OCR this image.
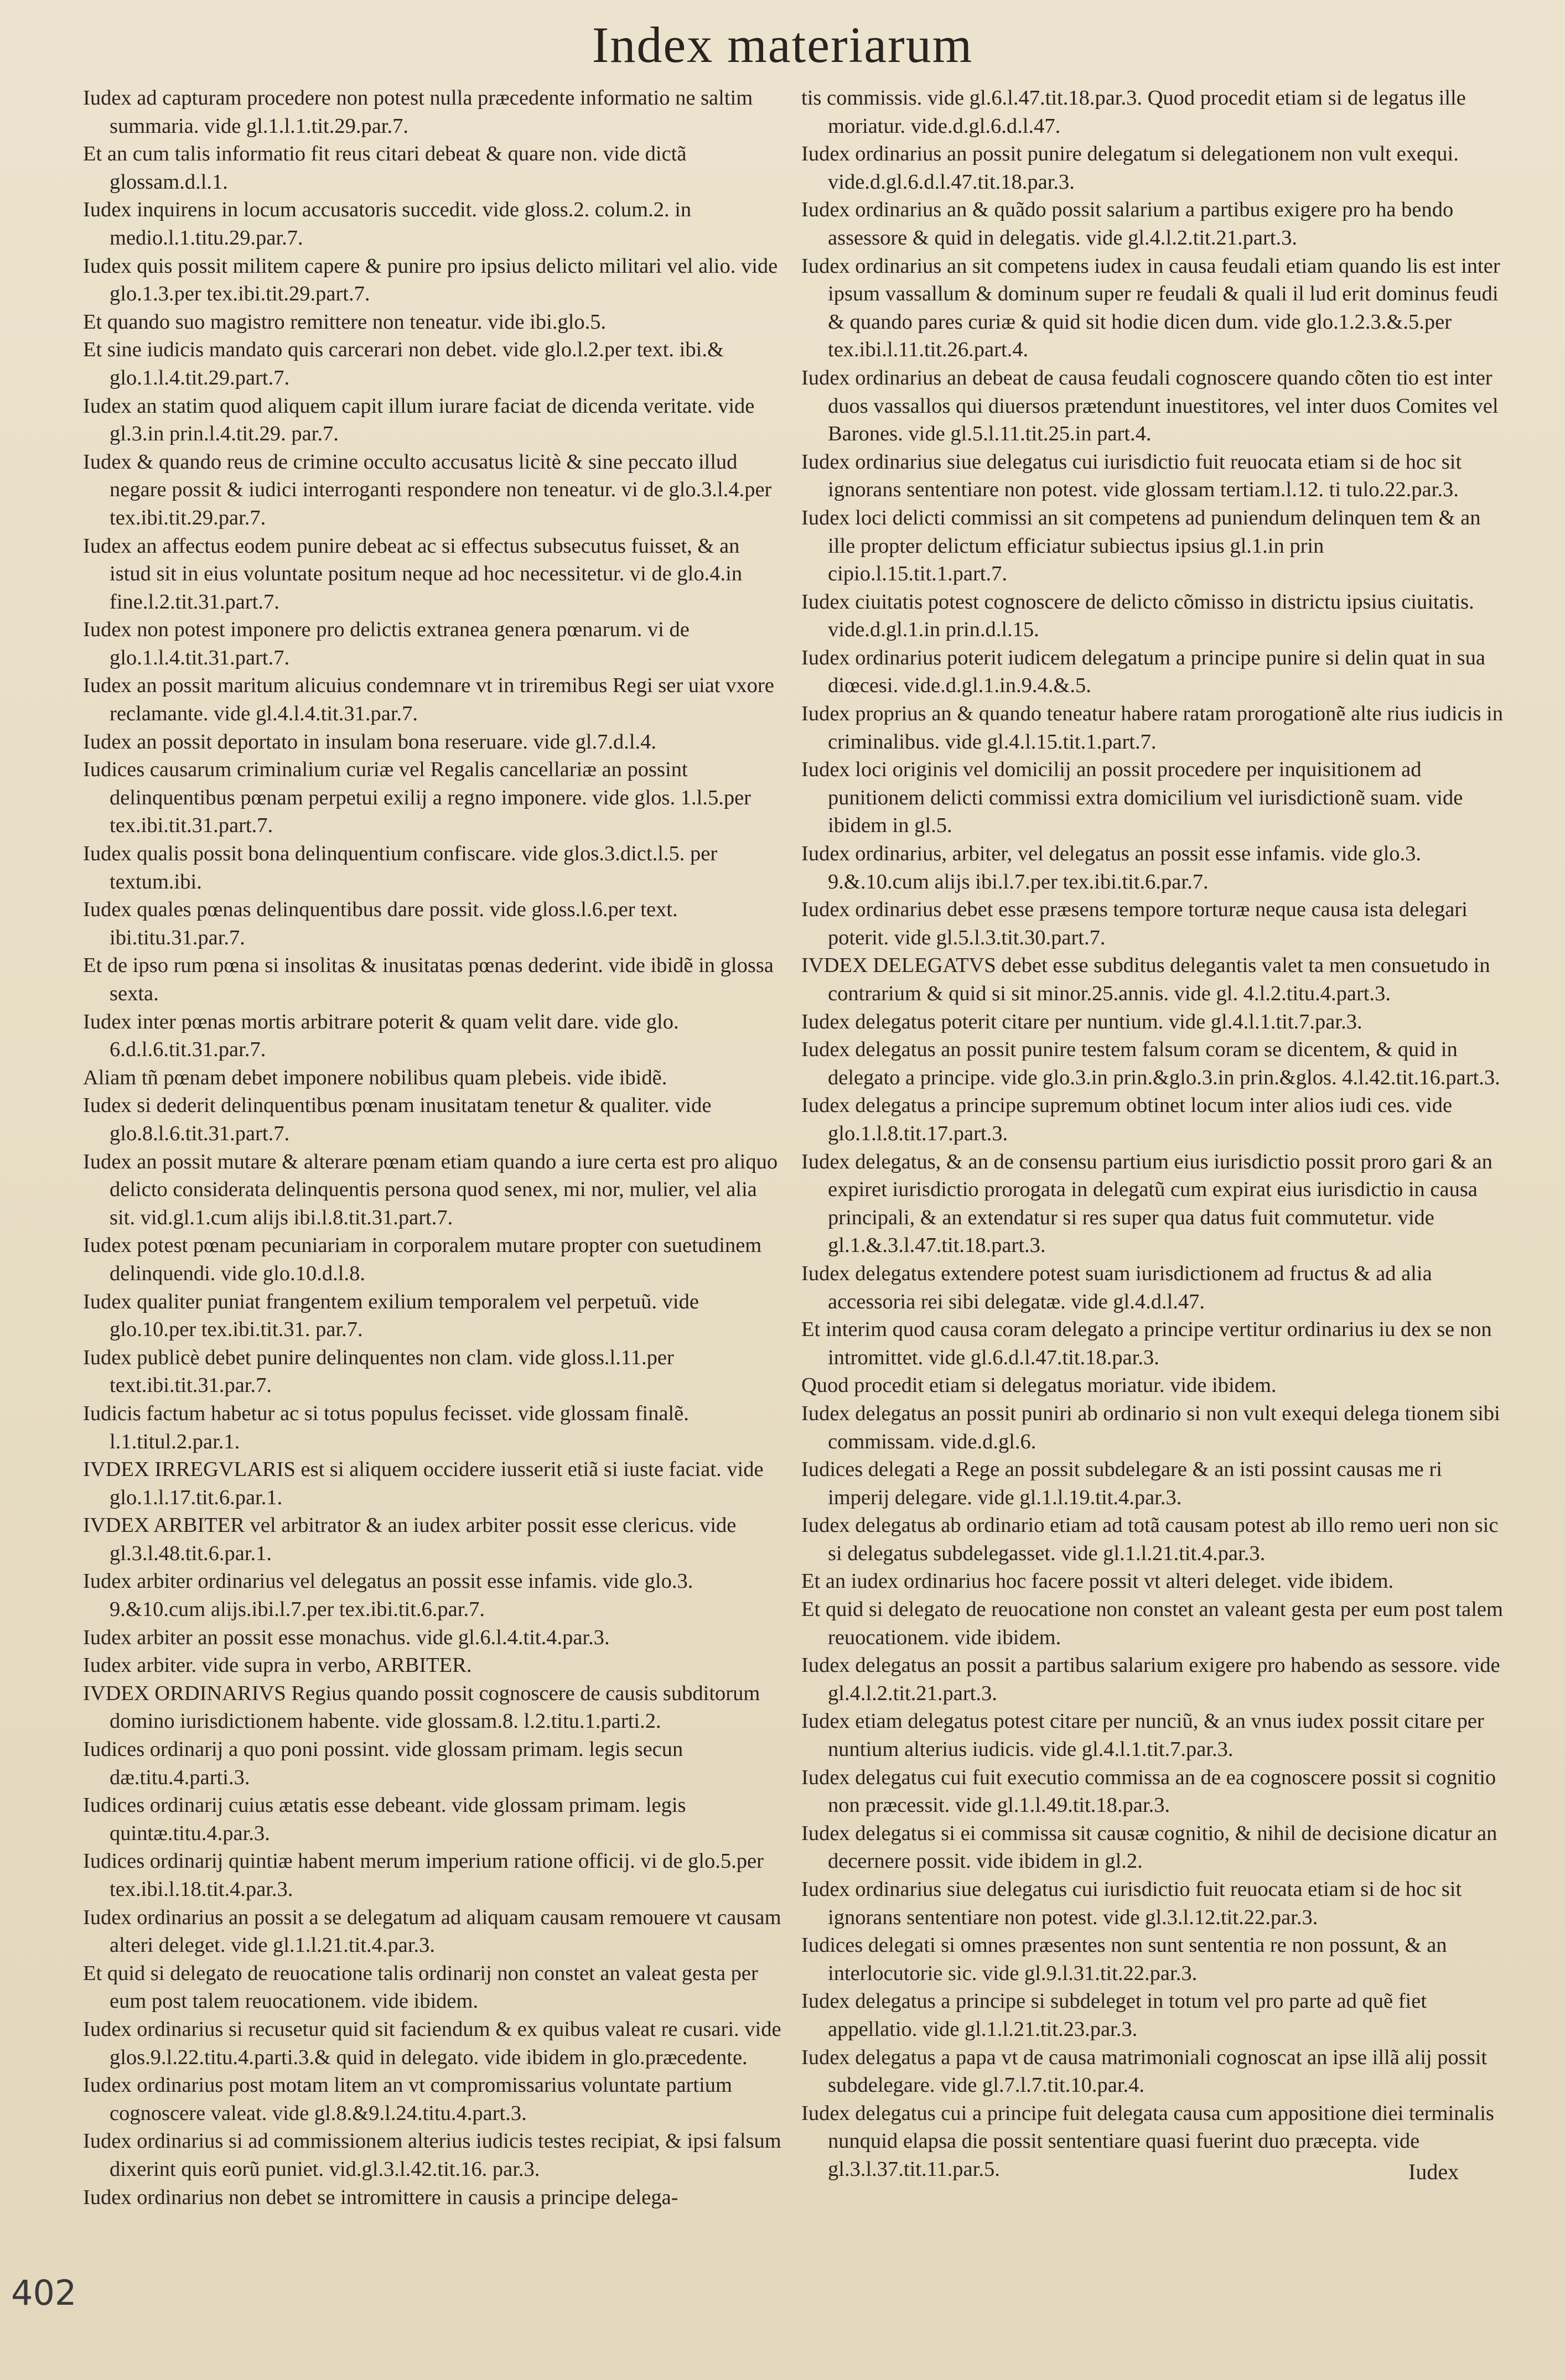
Index materiarum

Iudex ad capturam procedere non potest nulla præcedente informatio ne saltim summaria. vide gl.1.l.1.tit.29.par.7.

Et an cum talis informatio fit reus citari debeat & quare non. vide dictã glossam.d.l.1.

Iudex inquirens in locum accusatoris succedit. vide gloss.2. colum.2. in medio.l.1.titu.29.par.7.

Iudex quis possit militem capere & punire pro ipsius delicto militari vel alio. vide glo.1.3.per tex.ibi.tit.29.part.7.

Et quando suo magistro remittere non teneatur. vide ibi.glo.5.

Et sine iudicis mandato quis carcerari non debet. vide glo.l.2.per text. ibi.& glo.1.l.4.tit.29.part.7.

Iudex an statim quod aliquem capit illum iurare faciat de dicenda veritate. vide gl.3.in prin.l.4.tit.29. par.7.

Iudex & quando reus de crimine occulto accusatus licitè & sine peccato illud negare possit & iudici interroganti respondere non teneatur. vi de glo.3.l.4.per tex.ibi.tit.29.par.7.

Iudex an affectus eodem punire debeat ac si effectus subsecutus fuisset, & an istud sit in eius voluntate positum neque ad hoc necessitetur. vi de glo.4.in fine.l.2.tit.31.part.7.

Iudex non potest imponere pro delictis extranea genera pœnarum. vi de glo.1.l.4.tit.31.part.7.

Iudex an possit maritum alicuius condemnare vt in triremibus Regi ser uiat vxore reclamante. vide gl.4.l.4.tit.31.par.7.

Iudex an possit deportato in insulam bona reseruare. vide gl.7.d.l.4.

Iudices causarum criminalium curiæ vel Regalis cancellariæ an possint delinquentibus pœnam perpetui exilij a regno imponere. vide glos. 1.l.5.per tex.ibi.tit.31.part.7.

Iudex qualis possit bona delinquentium confiscare. vide glos.3.dict.l.5. per textum.ibi.

Iudex quales pœnas delinquentibus dare possit. vide gloss.l.6.per text. ibi.titu.31.par.7.

Et de ipso rum pœna si insolitas & inusitatas pœnas dederint. vide ibidẽ in glossa sexta.

Iudex inter pœnas mortis arbitrare poterit & quam velit dare. vide glo. 6.d.l.6.tit.31.par.7.

Aliam tñ pœnam debet imponere nobilibus quam plebeis. vide ibidẽ.

Iudex si dederit delinquentibus pœnam inusitatam tenetur & qualiter. vide glo.8.l.6.tit.31.part.7.

Iudex an possit mutare & alterare pœnam etiam quando a iure certa est pro aliquo delicto considerata delinquentis persona quod senex, mi nor, mulier, vel alia sit. vid.gl.1.cum alijs ibi.l.8.tit.31.part.7.

Iudex potest pœnam pecuniariam in corporalem mutare propter con suetudinem delinquendi. vide glo.10.d.l.8.

Iudex qualiter puniat frangentem exilium temporalem vel perpetuũ. vide glo.10.per tex.ibi.tit.31. par.7.

Iudex publicè debet punire delinquentes non clam. vide gloss.l.11.per text.ibi.tit.31.par.7.

Iudicis factum habetur ac si totus populus fecisset. vide glossam finalẽ. l.1.titul.2.par.1.

IVDEX IRREGVLARIS est si aliquem occidere iusserit etiã si iuste faciat. vide glo.1.l.17.tit.6.par.1.

IVDEX ARBITER vel arbitrator & an iudex arbiter possit esse clericus. vide gl.3.l.48.tit.6.par.1.

Iudex arbiter ordinarius vel delegatus an possit esse infamis. vide glo.3. 9.&10.cum alijs.ibi.l.7.per tex.ibi.tit.6.par.7.

Iudex arbiter an possit esse monachus. vide gl.6.l.4.tit.4.par.3.

Iudex arbiter. vide supra in verbo, ARBITER.

IVDEX ORDINARIVS Regius quando possit cognoscere de causis subditorum domino iurisdictionem habente. vide glossam.8. l.2.titu.1.parti.2.

Iudices ordinarij a quo poni possint. vide glossam primam. legis secun dæ.titu.4.parti.3.

Iudices ordinarij cuius ætatis esse debeant. vide glossam primam. legis quintæ.titu.4.par.3.

Iudices ordinarij quintiæ habent merum imperium ratione officij. vi de glo.5.per tex.ibi.l.18.tit.4.par.3.

Iudex ordinarius an possit a se delegatum ad aliquam causam remouere vt causam alteri deleget. vide gl.1.l.21.tit.4.par.3.

Et quid si delegato de reuocatione talis ordinarij non constet an valeat gesta per eum post talem reuocationem. vide ibidem.

Iudex ordinarius si recusetur quid sit faciendum & ex quibus valeat re cusari. vide glos.9.l.22.titu.4.parti.3.& quid in delegato. vide ibidem in glo.præcedente.

Iudex ordinarius post motam litem an vt compromissarius voluntate partium cognoscere valeat. vide gl.8.&9.l.24.titu.4.part.3.

Iudex ordinarius si ad commissionem alterius iudicis testes recipiat, & ipsi falsum dixerint quis eorũ puniet. vid.gl.3.l.42.tit.16. par.3.

Iudex ordinarius non debet se intromittere in causis a principe delega-

tis commissis. vide gl.6.l.47.tit.18.par.3. Quod procedit etiam si de legatus ille moriatur. vide.d.gl.6.d.l.47.

Iudex ordinarius an possit punire delegatum si delegationem non vult exequi. vide.d.gl.6.d.l.47.tit.18.par.3.

Iudex ordinarius an & quãdo possit salarium a partibus exigere pro ha bendo assessore & quid in delegatis. vide gl.4.l.2.tit.21.part.3.

Iudex ordinarius an sit competens iudex in causa feudali etiam quando lis est inter ipsum vassallum & dominum super re feudali & quali il lud erit dominus feudi & quando pares curiæ & quid sit hodie dicen dum. vide glo.1.2.3.&.5.per tex.ibi.l.11.tit.26.part.4.

Iudex ordinarius an debeat de causa feudali cognoscere quando cõten tio est inter duos vassallos qui diuersos prætendunt inuestitores, vel inter duos Comites vel Barones. vide gl.5.l.11.tit.25.in part.4.

Iudex ordinarius siue delegatus cui iurisdictio fuit reuocata etiam si de hoc sit ignorans sententiare non potest. vide glossam tertiam.l.12. ti tulo.22.par.3.

Iudex loci delicti commissi an sit competens ad puniendum delinquen tem & an ille propter delictum efficiatur subiectus ipsius gl.1.in prin cipio.l.15.tit.1.part.7.

Iudex ciuitatis potest cognoscere de delicto cõmisso in districtu ipsius ciuitatis. vide.d.gl.1.in prin.d.l.15.

Iudex ordinarius poterit iudicem delegatum a principe punire si delin quat in sua diœcesi. vide.d.gl.1.in.9.4.&.5.

Iudex proprius an & quando teneatur habere ratam prorogationẽ alte rius iudicis in criminalibus. vide gl.4.l.15.tit.1.part.7.

Iudex loci originis vel domicilij an possit procedere per inquisitionem ad punitionem delicti commissi extra domicilium vel iurisdictionẽ suam. vide ibidem in gl.5.

Iudex ordinarius, arbiter, vel delegatus an possit esse infamis. vide glo.3. 9.&.10.cum alijs ibi.l.7.per tex.ibi.tit.6.par.7.

Iudex ordinarius debet esse præsens tempore torturæ neque causa ista delegari poterit. vide gl.5.l.3.tit.30.part.7.

IVDEX DELEGATVS debet esse subditus delegantis valet ta men consuetudo in contrarium & quid si sit minor.25.annis. vide gl. 4.l.2.titu.4.part.3.

Iudex delegatus poterit citare per nuntium. vide gl.4.l.1.tit.7.par.3.

Iudex delegatus an possit punire testem falsum coram se dicentem, & quid in delegato a principe. vide glo.3.in prin.&glo.3.in prin.&glos. 4.l.42.tit.16.part.3.

Iudex delegatus a principe supremum obtinet locum inter alios iudi ces. vide glo.1.l.8.tit.17.part.3.

Iudex delegatus, & an de consensu partium eius iurisdictio possit proro gari & an expiret iurisdictio prorogata in delegatũ cum expirat eius iurisdictio in causa principali, & an extendatur si res super qua datus fuit commutetur. vide gl.1.&.3.l.47.tit.18.part.3.

Iudex delegatus extendere potest suam iurisdictionem ad fructus & ad alia accessoria rei sibi delegatæ. vide gl.4.d.l.47.

Et interim quod causa coram delegato a principe vertitur ordinarius iu dex se non intromittet. vide gl.6.d.l.47.tit.18.par.3.

Quod procedit etiam si delegatus moriatur. vide ibidem.

Iudex delegatus an possit puniri ab ordinario si non vult exequi delega tionem sibi commissam. vide.d.gl.6.

Iudices delegati a Rege an possit subdelegare & an isti possint causas me ri imperij delegare. vide gl.1.l.19.tit.4.par.3.

Iudex delegatus ab ordinario etiam ad totã causam potest ab illo remo ueri non sic si delegatus subdelegasset. vide gl.1.l.21.tit.4.par.3.

Et an iudex ordinarius hoc facere possit vt alteri deleget. vide ibidem.

Et quid si delegato de reuocatione non constet an valeant gesta per eum post talem reuocationem. vide ibidem.

Iudex delegatus an possit a partibus salarium exigere pro habendo as sessore. vide gl.4.l.2.tit.21.part.3.

Iudex etiam delegatus potest citare per nunciũ, & an vnus iudex possit citare per nuntium alterius iudicis. vide gl.4.l.1.tit.7.par.3.

Iudex delegatus cui fuit executio commissa an de ea cognoscere possit si cognitio non præcessit. vide gl.1.l.49.tit.18.par.3.

Iudex delegatus si ei commissa sit causæ cognitio, & nihil de decisione dicatur an decernere possit. vide ibidem in gl.2.

Iudex ordinarius siue delegatus cui iurisdictio fuit reuocata etiam si de hoc sit ignorans sententiare non potest. vide gl.3.l.12.tit.22.par.3.

Iudices delegati si omnes præsentes non sunt sententia re non possunt, & an interlocutorie sic. vide gl.9.l.31.tit.22.par.3.

Iudex delegatus a principe si subdeleget in totum vel pro parte ad quẽ fiet appellatio. vide gl.1.l.21.tit.23.par.3.

Iudex delegatus a papa vt de causa matrimoniali cognoscat an ipse illã alij possit subdelegare. vide gl.7.l.7.tit.10.par.4.

Iudex delegatus cui a principe fuit delegata causa cum appositione diei terminalis nunquid elapsa die possit sententiare quasi fuerint duo præcepta. vide gl.3.l.37.tit.11.par.5.	Iudex
402
